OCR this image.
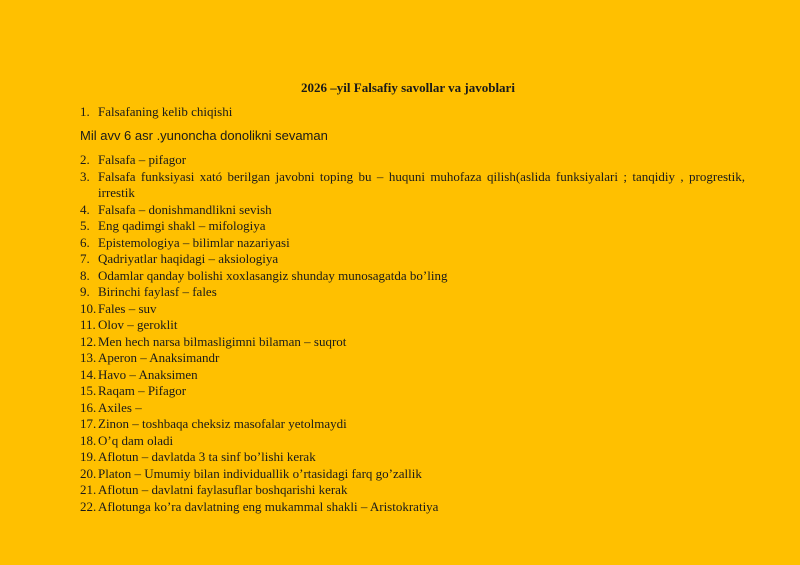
2026 –yil Falsafiy savollar va javoblari
1. Falsafaning kelib chiqishi
Mil avv 6 asr .yunoncha donolikni sevaman
2. Falsafa – pifagor
3. Falsafa funksiyasi xató berilgan javobni toping bu – huquni muhofaza qilish(aslida funksiyalari ; tanqidiy , progrestik, irrestik
4. Falsafa – donishmandlikni sevish
5. Eng qadimgi shakl – mifologiya
6. Epistemologiya – bilimlar nazariyasi
7. Qadriyatlar haqidagi – aksiologiya
8. Odamlar qanday bolishi xoxlasangiz shunday munosagatda bo’ling
9. Birinchi faylasf – fales
10. Fales – suv
11. Olov – geroklit
12. Men hech narsa bilmasligimni bilaman – suqrot
13. Aperon – Anaksimandr
14. Havo – Anaksimen
15. Raqam – Pifagor
16. Axiles –
17. Zinon – toshbaqa cheksiz masofalar yetolmaydi
18. O’q dam oladi
19. Aflotun – davlatda 3 ta sinf bo’lishi kerak
20. Platon – Umumiy bilan individuallik o’rtasidagi farq go’zallik
21. Aflotun – davlatni faylasuflar boshqarishi kerak
22. Aflotunga ko’ra davlatning eng mukammal shakli – Aristokratiya
